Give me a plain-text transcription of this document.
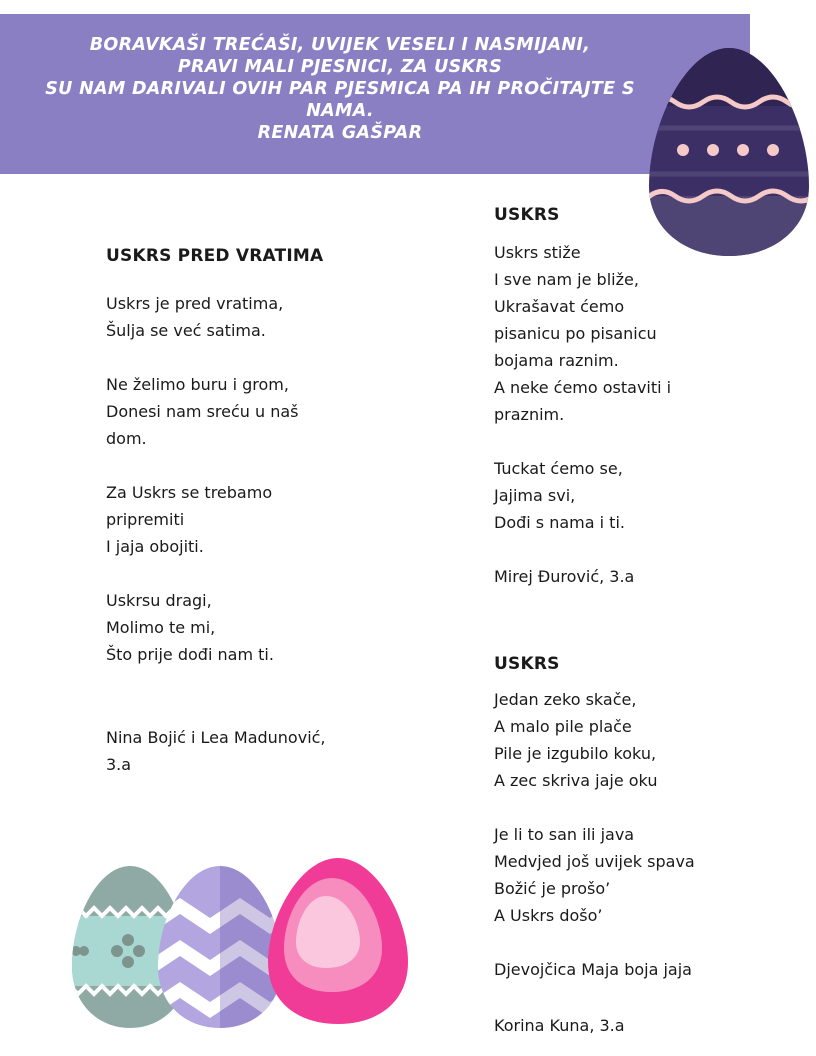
BORAVKAŠI TREĆAŠI, UVIJEK VESELI I NASMIJANI,
PRAVI MALI PJESNICI, ZA USKRS
SU NAM DARIVALI OVIH PAR PJESMICA PA IH PROČITAJTE S
NAMA.
RENATA GAŠPAR
USKRS PRED VRATIMA
Uskrs je pred vratima,
Šulja se već satima.
Ne želimo buru i grom,
Donesi nam sreću u naš
dom.
Za Uskrs se trebamo
pripremiti
I jaja obojiti.
Uskrsu dragi,
Molimo te mi,
Što prije dođi nam ti.
Nina Bojić i Lea Madunović,
3.a
USKRS
Uskrs stiže
I sve nam je bliže,
Ukrašavat ćemo
pisanicu po pisanicu
bojama raznim.
A neke ćemo ostaviti i
praznim.
Tuckat ćemo se,
Jajima svi,
Dođi s nama i ti.
Mirej Đurović, 3.a
USKRS
Jedan zeko skače,
A malo pile plače
Pile je izgubilo koku,
A zec skriva jaje oku
Je li to san ili java
Medvjed još uvijek spava
Božić je prošo’
A Uskrs došo’
Djevojčica Maja boja jaja
Korina Kuna, 3.a
